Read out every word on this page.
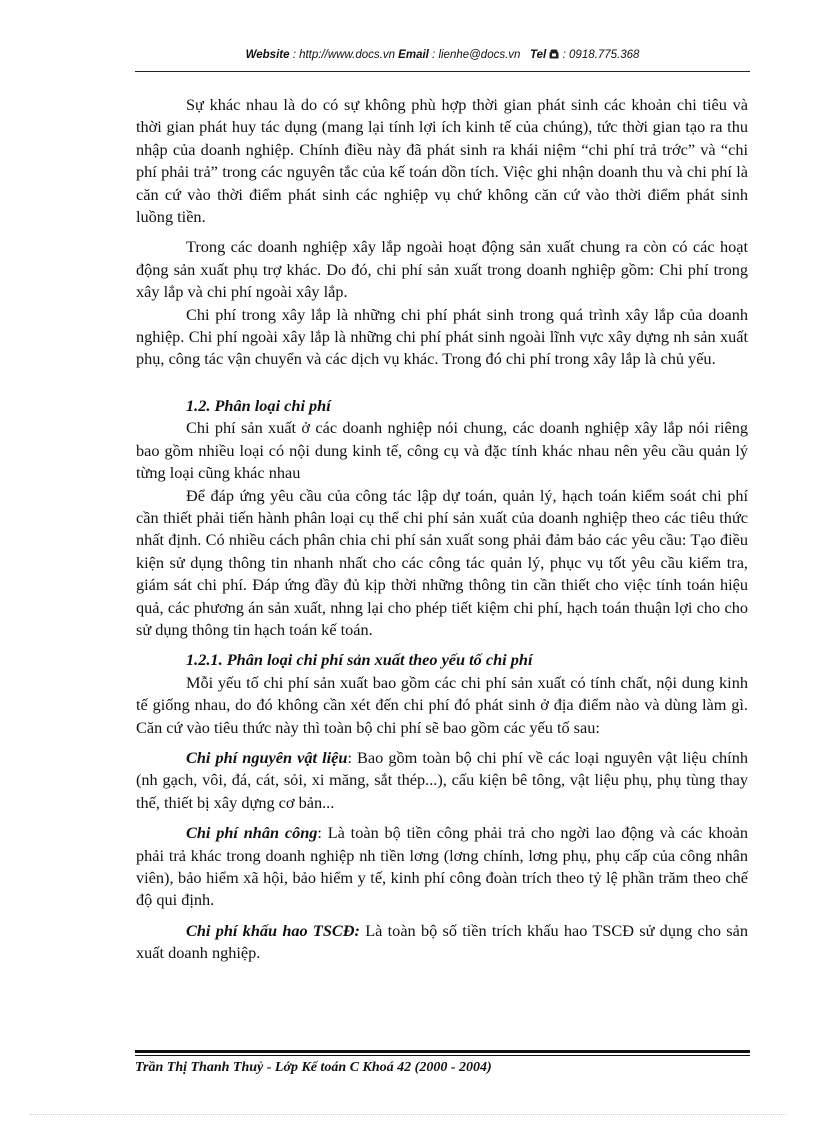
Website : http://www.docs.vn Email : lienhe@docs.vn Tel  : 0918.775.368

Sự khác nhau là do có sự không phù hợp thời gian phát sinh các khoản chi tiêu và thời gian phát huy tác dụng (mang lại tính lợi ích kinh tế của chúng), tức thời gian tạo ra thu nhập của doanh nghiệp. Chính điều này đã phát sinh ra khái niệm “chi phí trả trớc” và “chi phí phải trả” trong các nguyên tắc của kế toán dồn tích. Việc ghi nhận doanh thu và chi phí là căn cứ vào thời điểm phát sinh các nghiệp vụ chứ không căn cứ vào thời điểm phát sinh luồng tiền.

Trong các doanh nghiệp xây lắp ngoài hoạt động sản xuất chung ra còn có các hoạt động sản xuất phụ trợ khác. Do đó, chi phí sản xuất trong doanh nghiệp gồm: Chi phí trong xây lắp và chi phí ngoài xây lắp.

Chi phí trong xây lắp là những chi phí phát sinh trong quá trình xây lắp của doanh nghiệp. Chi phí ngoài xây lắp là những chi phí phát sinh ngoài lĩnh vực xây dựng nh sản xuất phụ, công tác vận chuyển và các dịch vụ khác. Trong đó chi phí trong xây lắp là chủ yếu.

1.2. Phân loại chi phí

Chi phí sản xuất ở các doanh nghiệp nói chung, các doanh nghiệp xây lắp nói riêng bao gồm nhiều loại có nội dung kinh tế, công cụ và đặc tính khác nhau nên yêu cầu quản lý từng loại cũng khác nhau

Để đáp ứng yêu cầu của công tác lập dự toán, quản lý, hạch toán kiểm soát chi phí cần thiết phải tiến hành phân loại cụ thể chi phí sản xuất của doanh nghiệp theo các tiêu thức nhất định. Có nhiều cách phân chia chi phí sản xuất song phải đảm bảo các yêu cầu: Tạo điều kiện sử dụng thông tin nhanh nhất cho các công tác quản lý, phục vụ tốt yêu cầu kiểm tra, giám sát chi phí. Đáp ứng đầy đủ kịp thời những thông tin cần thiết cho việc tính toán hiệu quả, các phương án sản xuất, nhng lại cho phép tiết kiệm chi phí, hạch toán thuận lợi cho cho sử dụng thông tin hạch toán kế toán.

1.2.1. Phân loại chi phí sản xuất theo yếu tố chi phí

Mỗi yếu tố chi phí sản xuất bao gồm các chi phí sản xuất có tính chất, nội dung kinh tế giống nhau, do đó không cần xét đến chi phí đó phát sinh ở địa điểm nào và dùng làm gì. Căn cứ vào tiêu thức này thì toàn bộ chi phí sẽ bao gồm các yếu tố sau:

Chi phí nguyên vật liệu: Bao gồm toàn bộ chi phí về các loại nguyên vật liệu chính (nh gạch, vôi, đá, cát, sỏi, xi măng, sắt thép...), cấu kiện bê tông, vật liệu phụ, phụ tùng thay thế, thiết bị xây dựng cơ bản...

Chi phí nhân công: Là toàn bộ tiền công phải trả cho ngời lao động và các khoản phải trả khác trong doanh nghiệp nh tiền lơng (lơng chính, lơng phụ, phụ cấp của công nhân viên), bảo hiểm xã hội, bảo hiểm y tế, kinh phí công đoàn trích theo tỷ lệ phần trăm theo chế độ qui định.

Chi phí khấu hao TSCĐ: Là toàn bộ số tiền trích khấu hao TSCĐ sử dụng cho sản xuất doanh nghiệp.

Trần Thị Thanh Thuỷ - Lớp Kế toán C Khoá 42 (2000 - 2004)
